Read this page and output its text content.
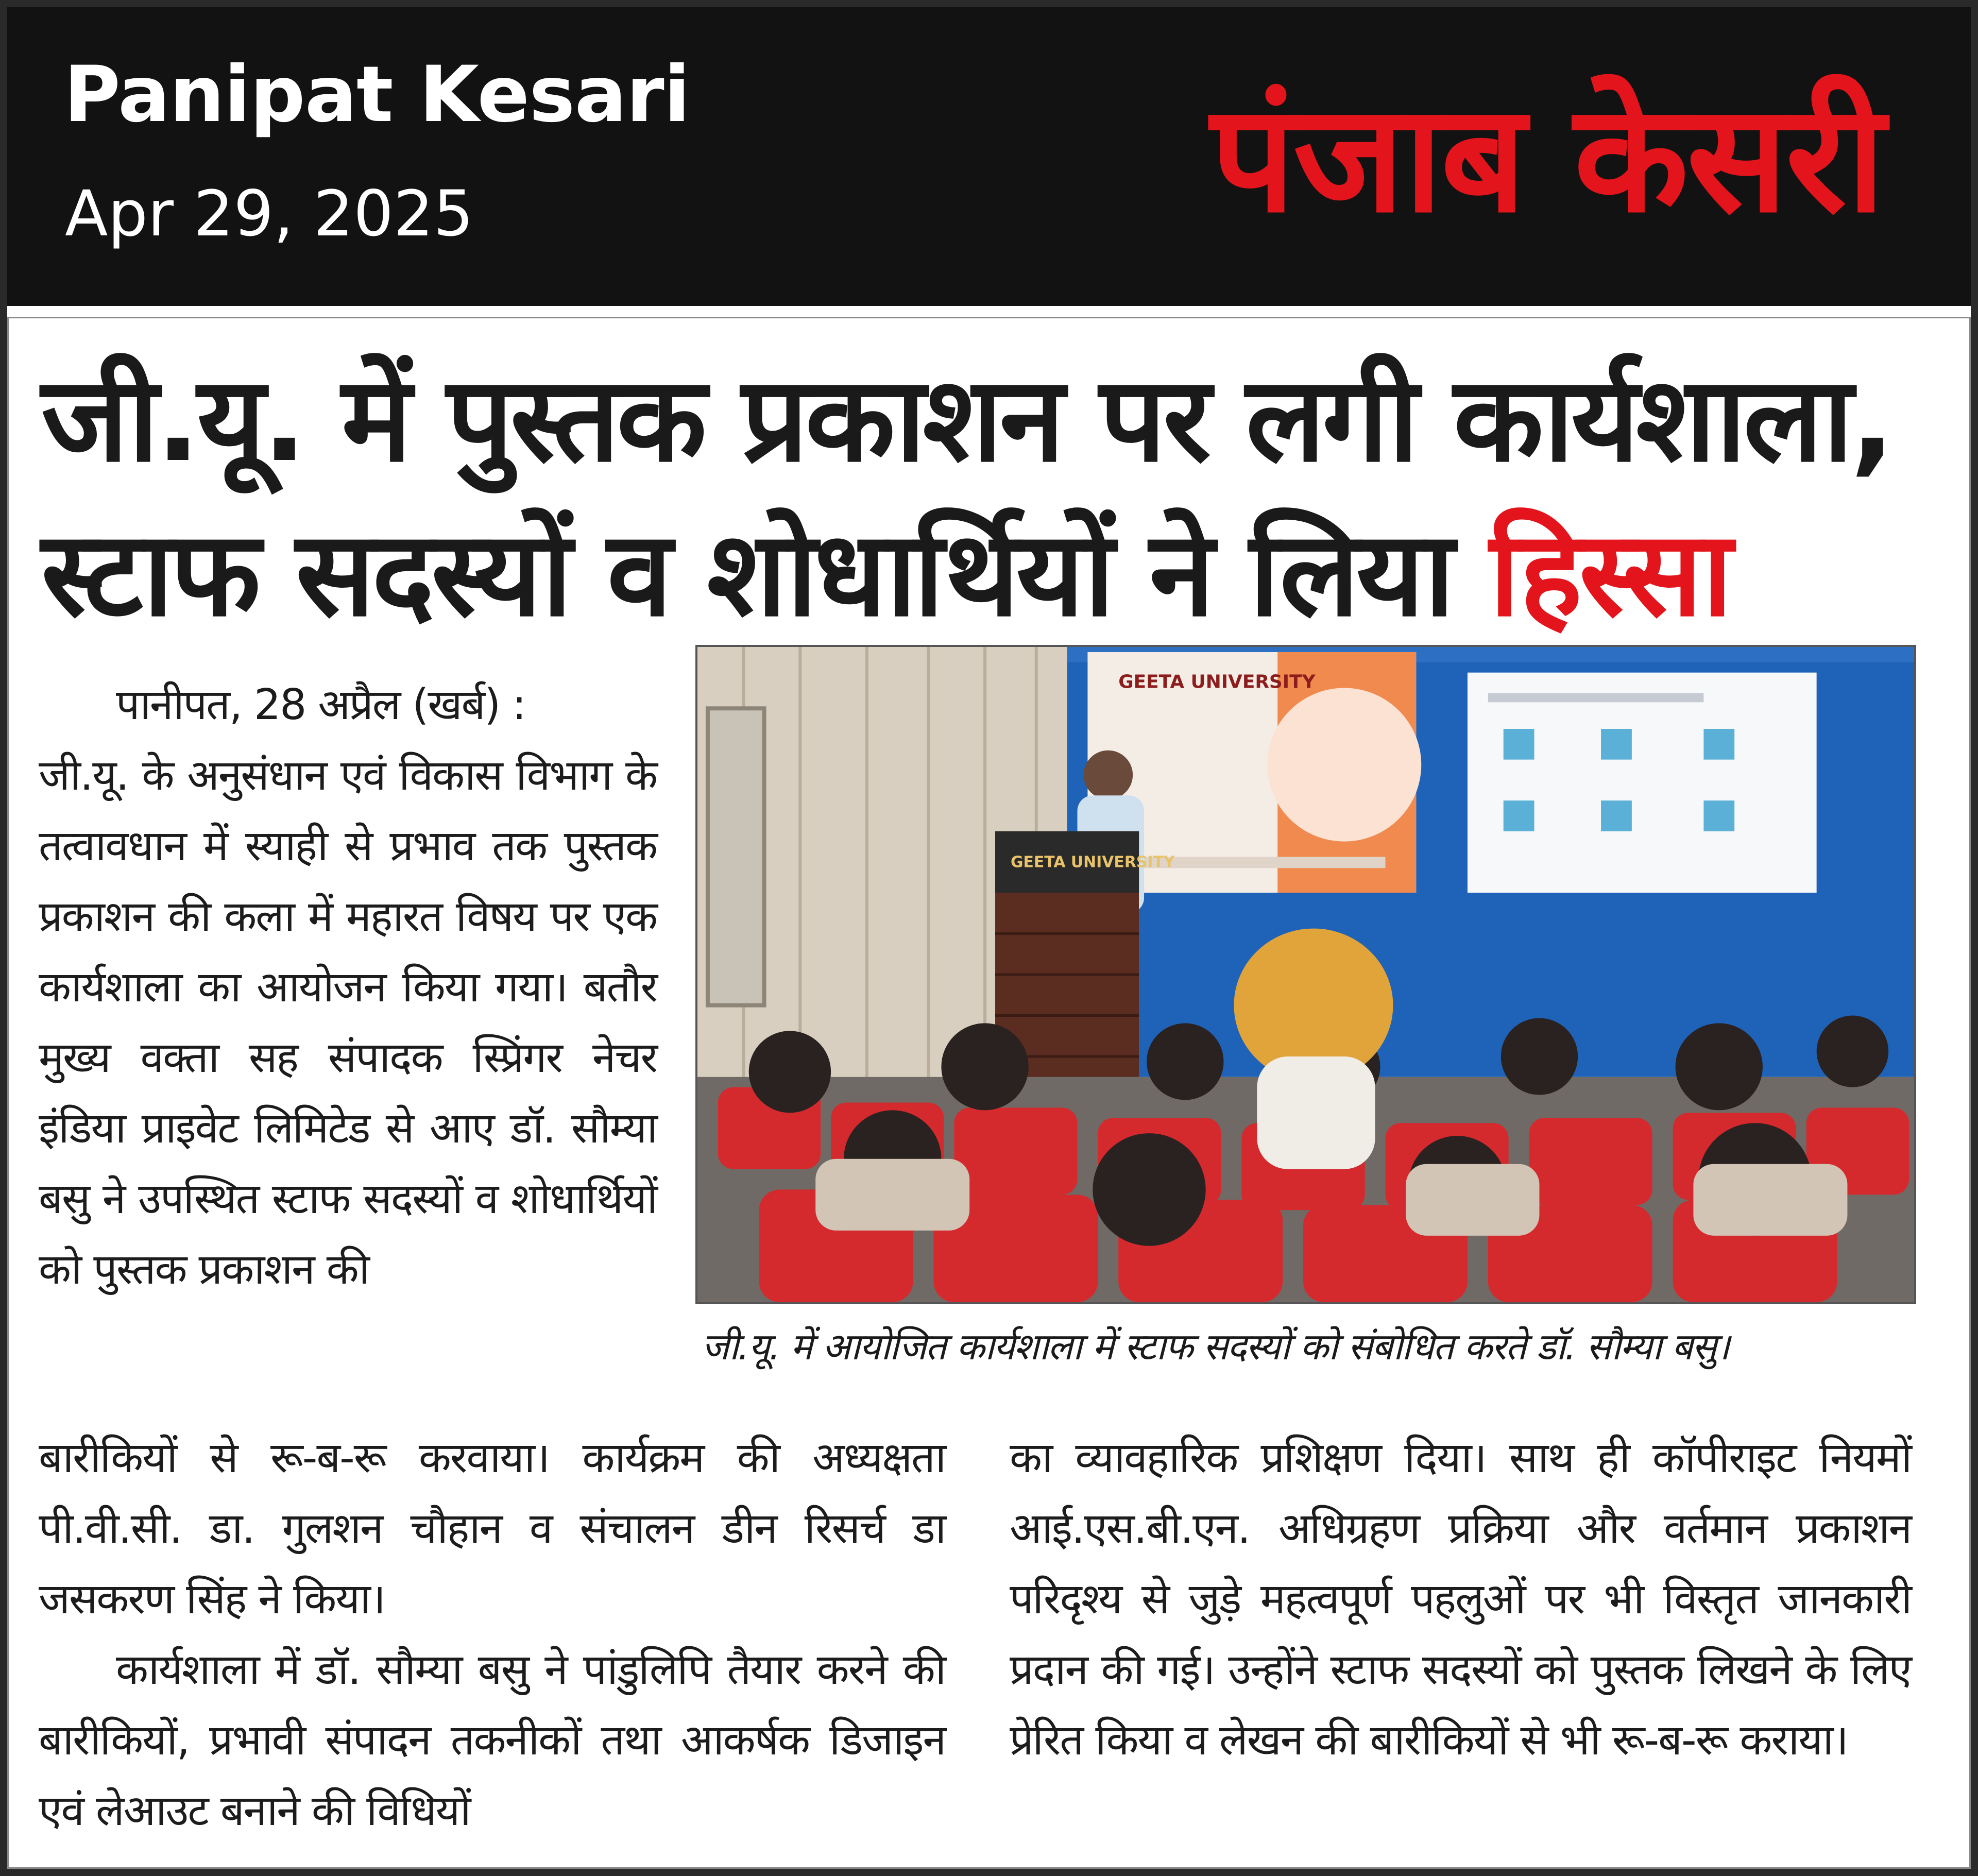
Panipat Kesari
Apr 29, 2025	पंजाब केसरी
जी.यू. में पुस्तक प्रकाशन पर लगी कार्यशाला,
स्टाफ सदस्यों व शोधार्थियों ने लिया हिस्सा
GEETA UNIVERSITY
GEETA UNIVERSITY
जी.यू. में आयोजित कार्यशाला में स्टाफ सदस्यों को संबोधित करते डॉ. सौम्या बसु।

पानीपत, 28 अप्रैल (खर्ब) :

जी.यू. के अनुसंधान एवं विकास विभाग के तत्वावधान में स्याही से प्रभाव तक पुस्तक प्रकाशन की कला में महारत विषय पर एक कार्यशाला का आयोजन किया गया। बतौर मुख्य वक्ता सह संपादक स्प्रिंगर नेचर इंडिया प्राइवेट लिमिटेड से आए डॉ. सौम्या बसु ने उपस्थित स्टाफ सदस्यों व शोधार्थियों को पुस्तक प्रकाशन की

बारीकियों से रू-ब-रू करवाया। कार्यक्रम की अध्यक्षता पी.वी.सी. डा. गुलशन चौहान व संचालन डीन रिसर्च डा जसकरण सिंह ने किया।

कार्यशाला में डॉ. सौम्या बसु ने पांडुलिपि तैयार करने की बारीकियों, प्रभावी संपादन तकनीकों तथा आकर्षक डिजाइन एवं लेआउट बनाने की विधियों

का व्यावहारिक प्रशिक्षण दिया। साथ ही कॉपीराइट नियमों आई.एस.बी.एन. अधिग्रहण प्रक्रिया और वर्तमान प्रकाशन परिदृश्य से जुड़े महत्वपूर्ण पहलुओं पर भी विस्तृत जानकारी प्रदान की गई। उन्होंने स्टाफ सदस्यों को पुस्तक लिखने के लिए प्रेरित किया व लेखन की बारीकियों से भी रू-ब-रू कराया।
